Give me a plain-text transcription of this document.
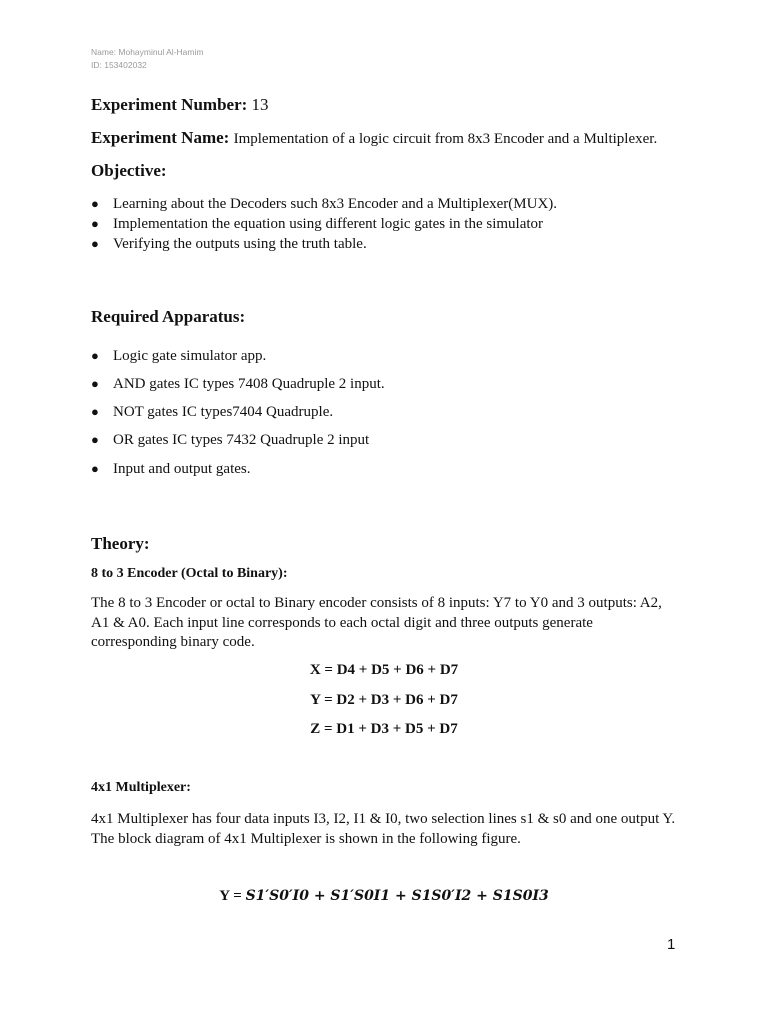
Name: Mohayminul Al-Hamim
ID: 153402032
Experiment Number: 13
Experiment Name: Implementation of a logic circuit from 8x3 Encoder and a Multiplexer.
Objective:
● Learning about the Decoders such 8x3 Encoder and a Multiplexer(MUX).
● Implementation the equation using different logic gates in the simulator
● Verifying the outputs using the truth table.
Required Apparatus:
● Logic gate simulator app.
● AND gates IC types 7408 Quadruple 2 input.
● NOT gates IC types7404 Quadruple.
● OR gates IC types 7432 Quadruple 2 input
● Input and output gates.
Theory:
8 to 3 Encoder (Octal to Binary):
The 8 to 3 Encoder or octal to Binary encoder consists of 8 inputs: Y7 to Y0 and 3 outputs: A2, A1 & A0. Each input line corresponds to each octal digit and three outputs generate corresponding binary code.
X = D4 + D5 + D6 + D7
Y = D2 + D3 + D6 + D7
Z = D1 + D3 + D5 + D7
4x1 Multiplexer:
4x1 Multiplexer has four data inputs I3, I2, I1 & I0, two selection lines s1 & s0 and one output Y. The block diagram of 4x1 Multiplexer is shown in the following figure.
Y = S1′S0′I0 + S1′S0I1 + S1S0′I2 + S1S0I3
1
